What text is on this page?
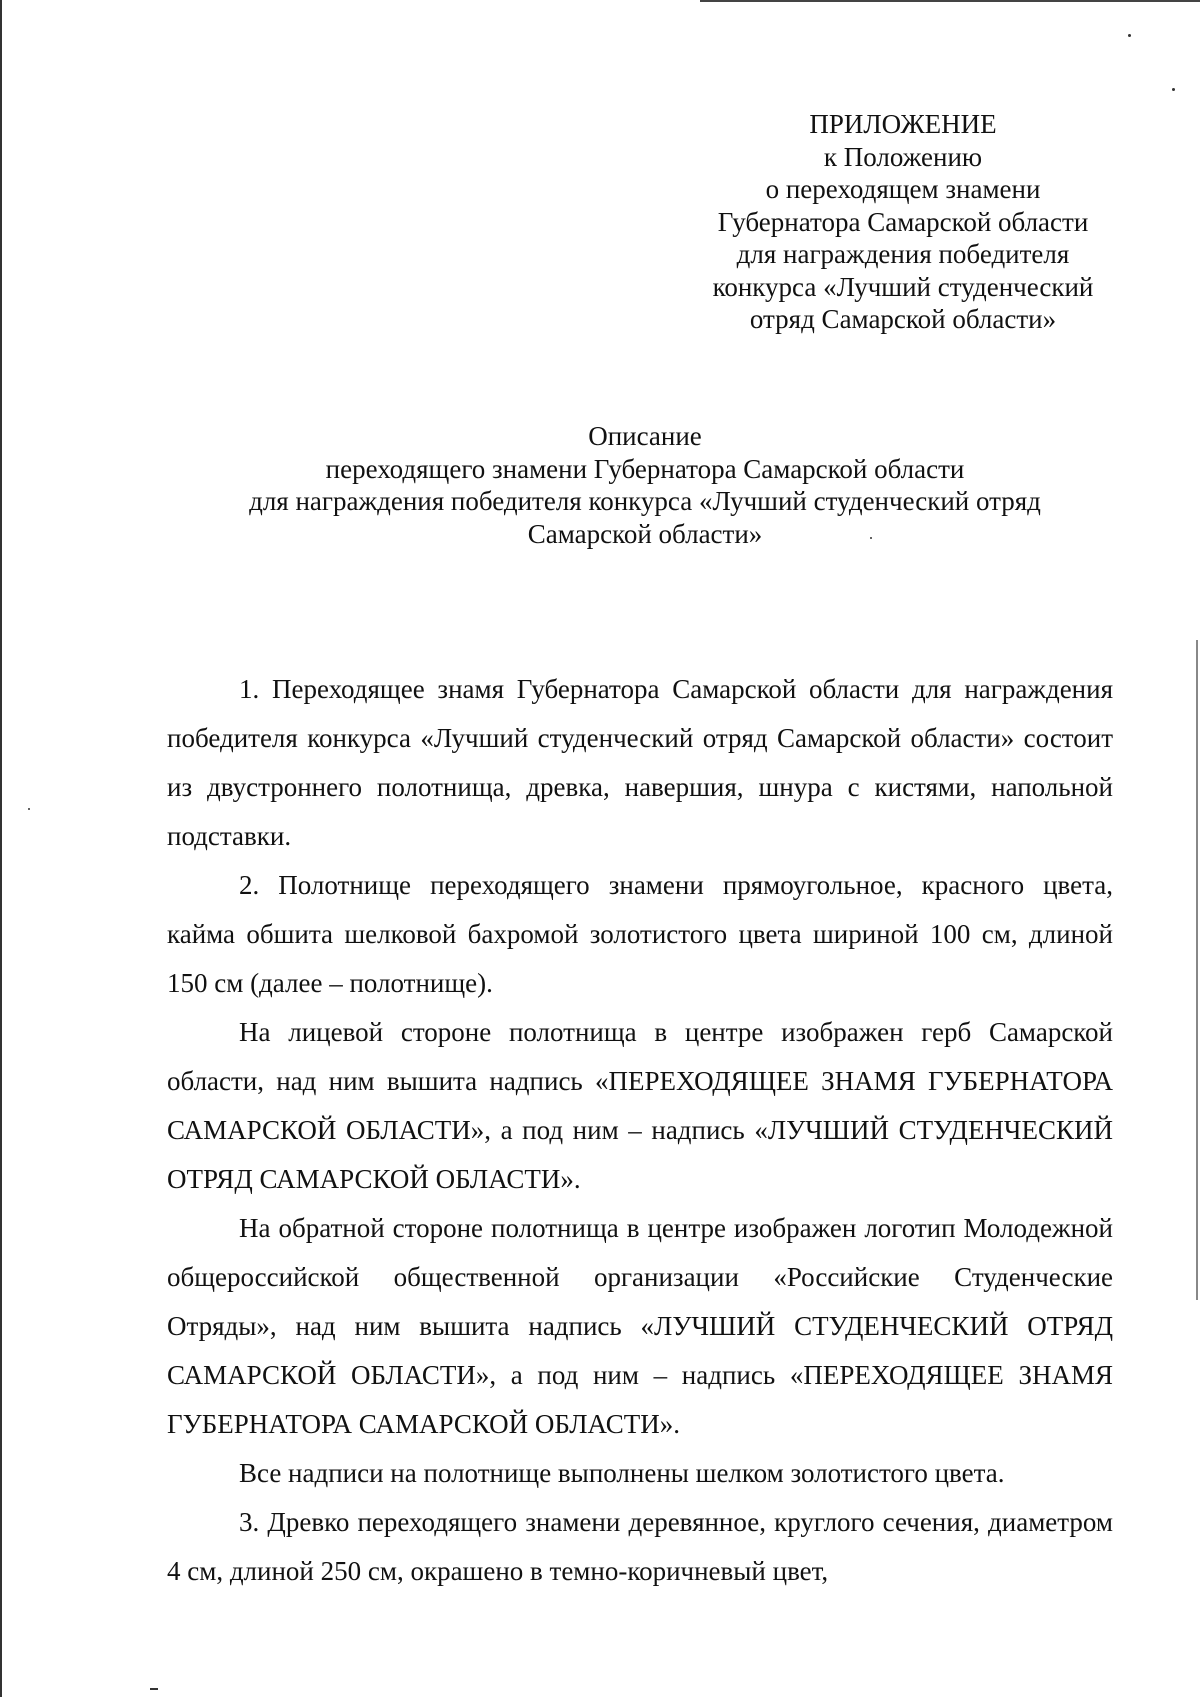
ПРИЛОЖЕНИЕ
к Положению
о переходящем знамени
Губернатора Самарской области
для награждения победителя
конкурса «Лучший студенческий
отряд Самарской области»
Описание
переходящего знамени Губернатора Самарской области
для награждения победителя конкурса «Лучший студенческий отряд
Самарской области»

1. Переходящее знамя Губернатора Самарской области для награждения победителя конкурса «Лучший студенческий отряд Самарской области» состоит из двустроннего полотнища, древка, навершия, шнура с кистями, напольной подставки.

2. Полотнище переходящего знамени прямоугольное, красного цвета, кайма обшита шелковой бахромой золотистого цвета шириной 100 см, длиной 150 см (далее – полотнище).

На лицевой стороне полотнища в центре изображен герб Самарской области, над ним вышита надпись «ПЕРЕХОДЯЩЕЕ ЗНАМЯ ГУБЕРНАТОРА САМАРСКОЙ ОБЛАСТИ», а под ним – надпись «ЛУЧШИЙ СТУДЕНЧЕСКИЙ ОТРЯД САМАРСКОЙ ОБЛАСТИ».

На обратной стороне полотнища в центре изображен логотип Молодежной общероссийской общественной организации «Российские Студенческие Отряды», над ним вышита надпись «ЛУЧШИЙ СТУДЕНЧЕСКИЙ ОТРЯД САМАРСКОЙ ОБЛАСТИ», а под ним – надпись «ПЕРЕХОДЯЩЕЕ ЗНАМЯ ГУБЕРНАТОРА САМАРСКОЙ ОБЛАСТИ».

Все надписи на полотнище выполнены шелком золотистого цвета.

3. Древко переходящего знамени деревянное, круглого сечения, диаметром 4 см, длиной 250 см, окрашено в темно-коричневый цвет,
